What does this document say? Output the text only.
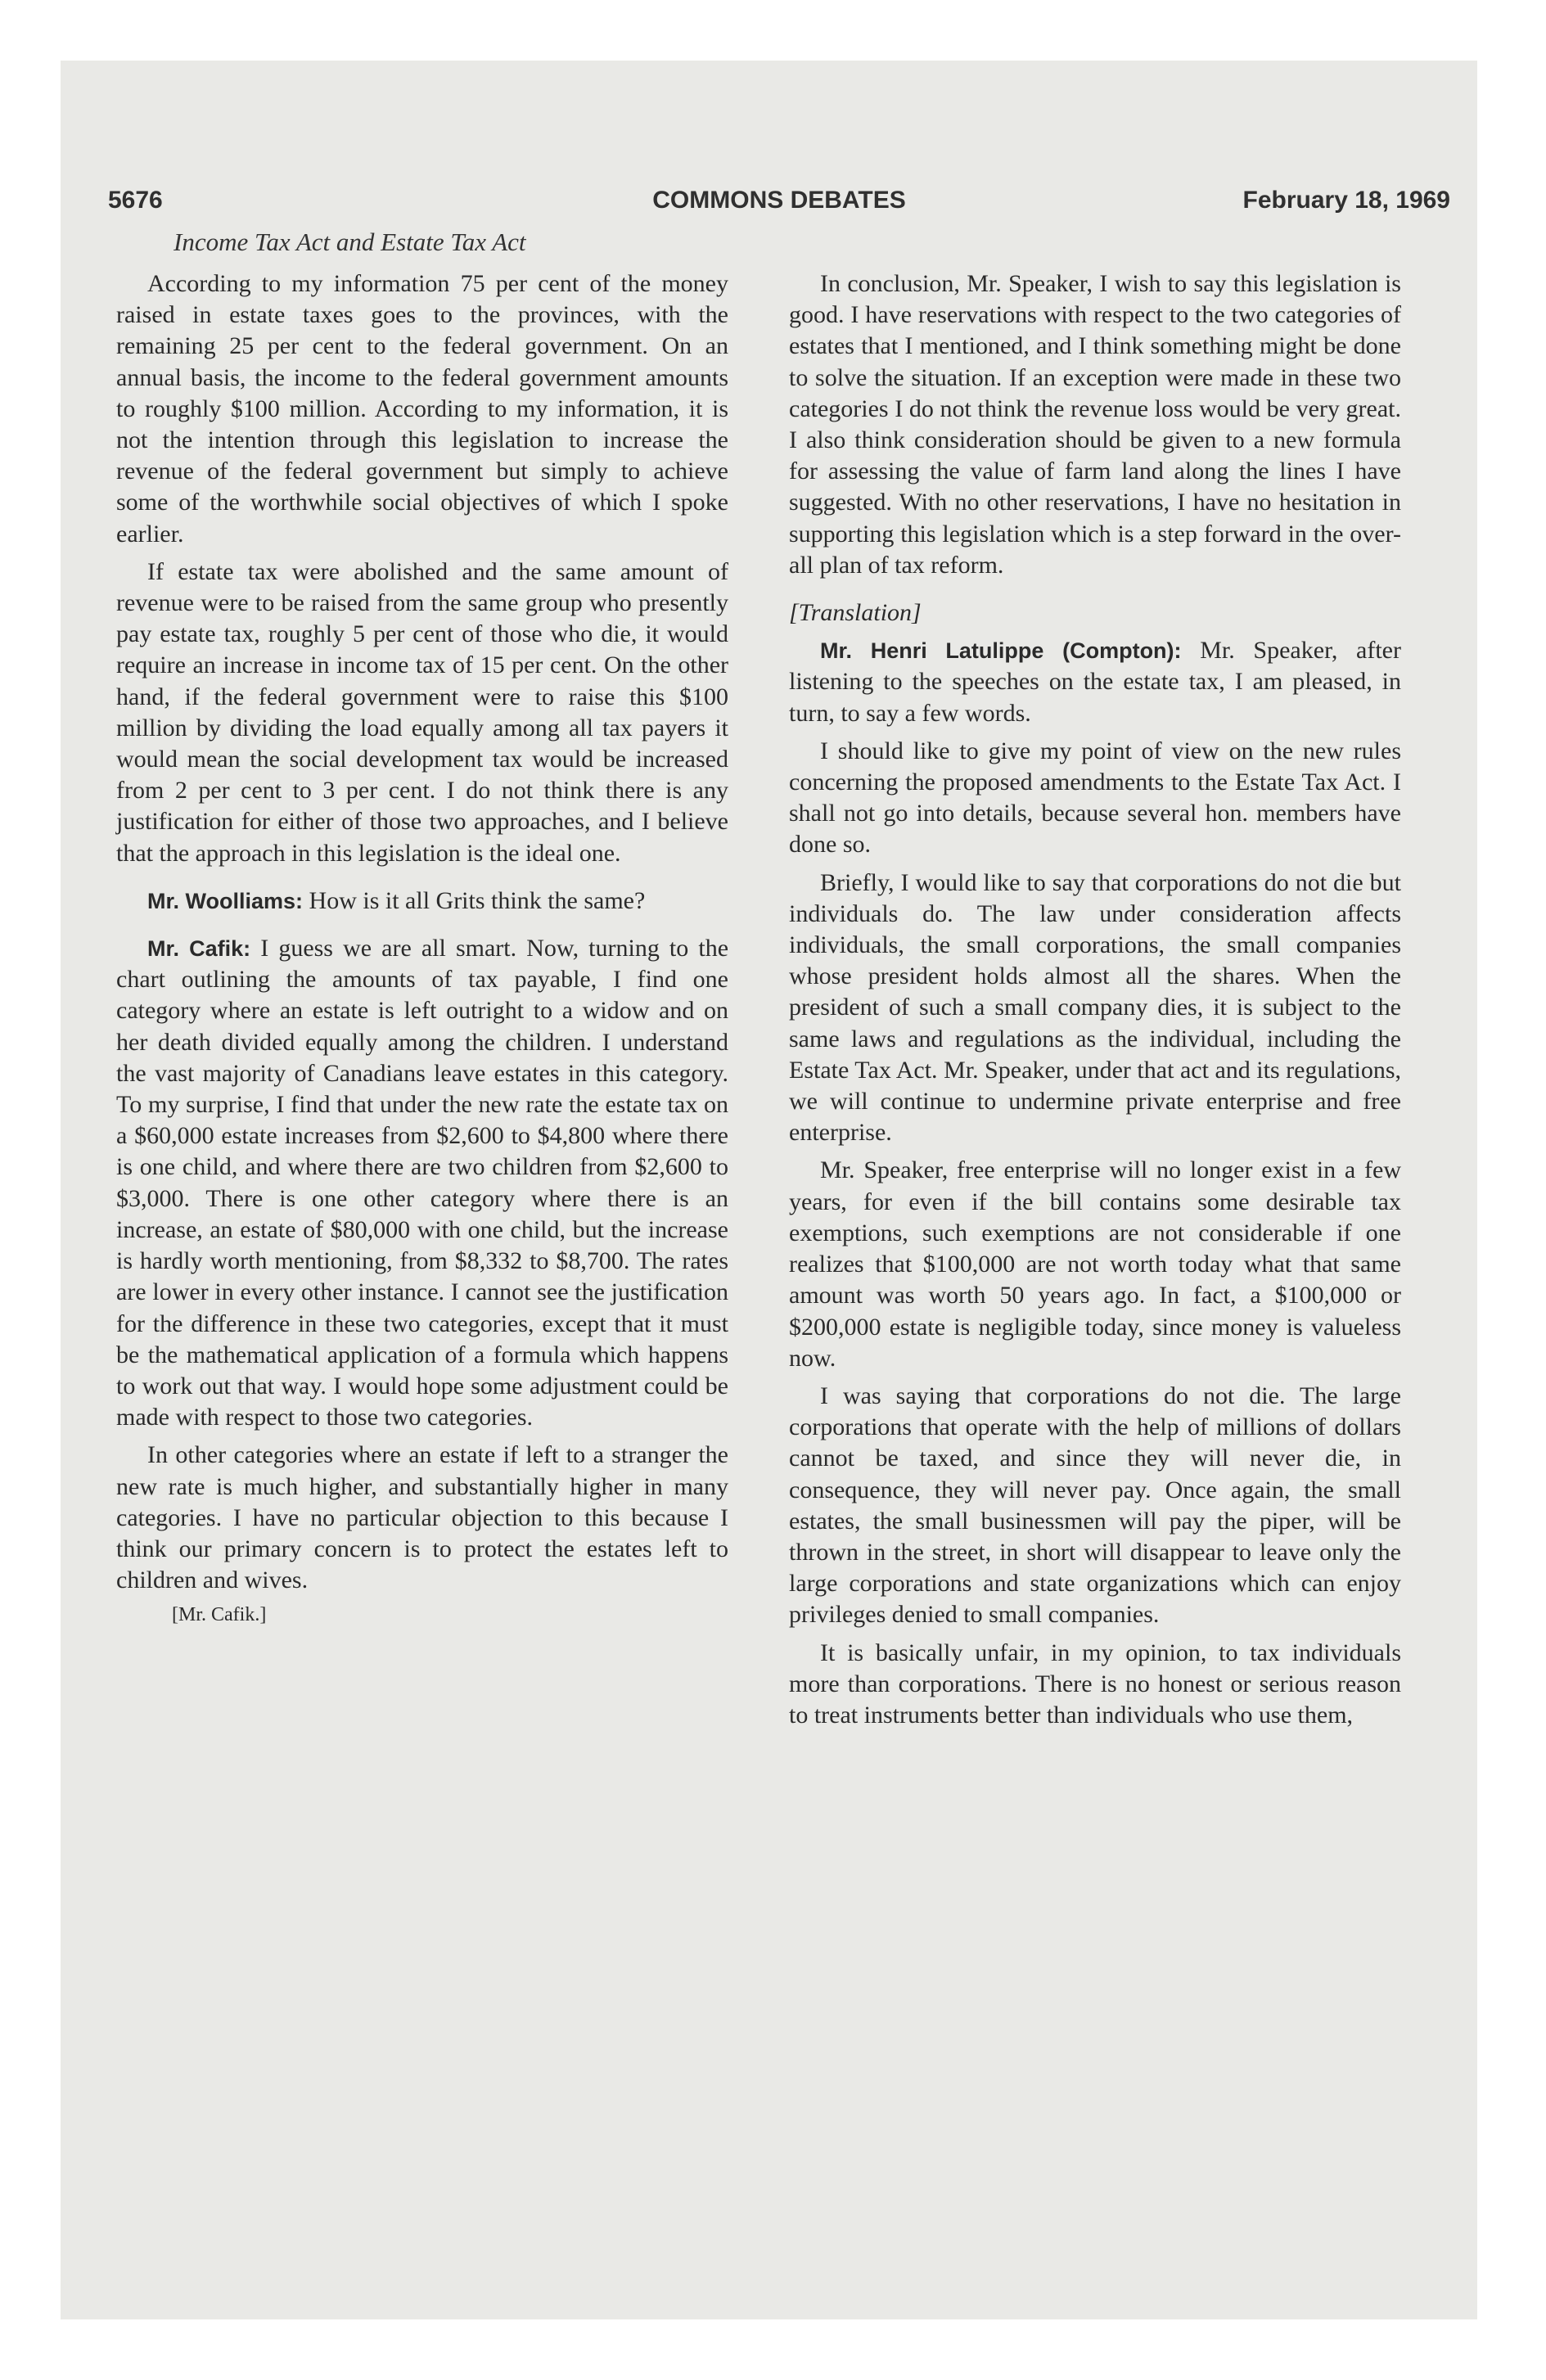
5676	COMMONS DEBATES	February 18, 1969
Income Tax Act and Estate Tax Act

According to my information 75 per cent of the money raised in estate taxes goes to the provinces, with the remaining 25 per cent to the federal government. On an annual basis, the income to the federal government amounts to roughly $100 million. According to my information, it is not the intention through this legislation to increase the revenue of the federal government but simply to achieve some of the worthwhile social objectives of which I spoke earlier.

If estate tax were abolished and the same amount of revenue were to be raised from the same group who presently pay estate tax, roughly 5 per cent of those who die, it would require an increase in income tax of 15 per cent. On the other hand, if the federal government were to raise this $100 million by dividing the load equally among all tax payers it would mean the social development tax would be increased from 2 per cent to 3 per cent. I do not think there is any justification for either of those two approaches, and I believe that the approach in this legislation is the ideal one.

Mr. Woolliams: How is it all Grits think the same?

Mr. Cafik: I guess we are all smart. Now, turning to the chart outlining the amounts of tax payable, I find one category where an estate is left outright to a widow and on her death divided equally among the children. I understand the vast majority of Canadians leave estates in this category. To my surprise, I find that under the new rate the estate tax on a $60,000 estate increases from $2,600 to $4,800 where there is one child, and where there are two children from $2,600 to $3,000. There is one other category where there is an increase, an estate of $80,000 with one child, but the increase is hardly worth mentioning, from $8,332 to $8,700. The rates are lower in every other instance. I cannot see the justification for the difference in these two categories, except that it must be the mathematical application of a formula which happens to work out that way. I would hope some adjustment could be made with respect to those two categories.

In other categories where an estate if left to a stranger the new rate is much higher, and substantially higher in many categories. I have no particular objection to this because I think our primary concern is to protect the estates left to children and wives.

[Mr. Cafik.]

In conclusion, Mr. Speaker, I wish to say this legislation is good. I have reservations with respect to the two categories of estates that I mentioned, and I think something might be done to solve the situation. If an exception were made in these two categories I do not think the revenue loss would be very great. I also think consideration should be given to a new formula for assessing the value of farm land along the lines I have suggested. With no other reservations, I have no hesitation in supporting this legislation which is a step forward in the over-all plan of tax reform.

[Translation]

Mr. Henri Latulippe (Compton): Mr. Speaker, after listening to the speeches on the estate tax, I am pleased, in turn, to say a few words.

I should like to give my point of view on the new rules concerning the proposed amendments to the Estate Tax Act. I shall not go into details, because several hon. members have done so.

Briefly, I would like to say that corporations do not die but individuals do. The law under consideration affects individuals, the small corporations, the small companies whose president holds almost all the shares. When the president of such a small company dies, it is subject to the same laws and regulations as the individual, including the Estate Tax Act. Mr. Speaker, under that act and its regulations, we will continue to undermine private enterprise and free enterprise.

Mr. Speaker, free enterprise will no longer exist in a few years, for even if the bill contains some desirable tax exemptions, such exemptions are not considerable if one realizes that $100,000 are not worth today what that same amount was worth 50 years ago. In fact, a $100,000 or $200,000 estate is negligible today, since money is valueless now.

I was saying that corporations do not die. The large corporations that operate with the help of millions of dollars cannot be taxed, and since they will never die, in consequence, they will never pay. Once again, the small estates, the small businessmen will pay the piper, will be thrown in the street, in short will disappear to leave only the large corporations and state organizations which can enjoy privileges denied to small companies.

It is basically unfair, in my opinion, to tax individuals more than corporations. There is no honest or serious reason to treat instruments better than individuals who use them,
